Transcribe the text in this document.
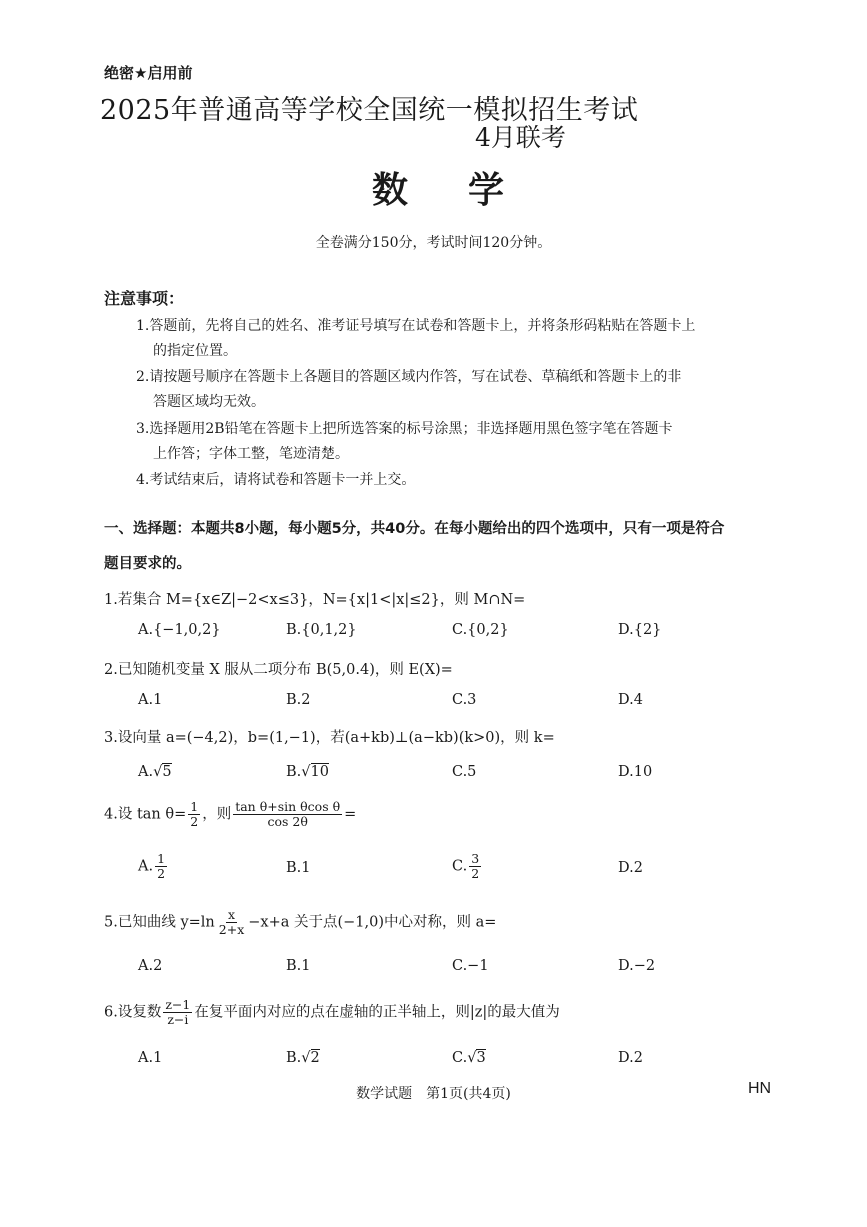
绝密★启用前
2025年普通高等学校全国统一模拟招生考试
4月联考
数学
全卷满分150分，考试时间120分钟。
注意事项：
1.答题前，先将自己的姓名、准考证号填写在试卷和答题卡上，并将条形码粘贴在答题卡上
的指定位置。
2.请按题号顺序在答题卡上各题目的答题区域内作答，写在试卷、草稿纸和答题卡上的非
答题区域均无效。
3.选择题用2B铅笔在答题卡上把所选答案的标号涂黑；非选择题用黑色签字笔在答题卡
上作答；字体工整，笔迹清楚。
4.考试结束后，请将试卷和答题卡一并上交。
一、选择题：本题共8小题，每小题5分，共40分。在每小题给出的四个选项中，只有一项是符合
题目要求的。
1.若集合 M={x∈Z|−2<x≤3}，N={x|1<|x|≤2}，则 M∩N=
A.{−1,0,2}	B.{0,1,2}	C.{0,2}	D.{2}
2.已知随机变量 X 服从二项分布 B(5,0.4)，则 E(X)=
A.1	B.2	C.3	D.4
3.设向量 a=(−4,2)，b=(1,−1)，若(a+kb)⊥(a−kb)(k>0)，则 k=
A.√5	B.√10	C.5	D.10
4.设 $\tan \theta= \frac{1}{2}$ ，则 $\frac{\text{tan θ+sin θcos θ}}{\cos 2\theta}$ =
A. $\frac{1}{2}$	B.1	C. $\frac{3}{2}$	D.2
5.已知曲线 $y=\ln \frac{x}{2+x} -x+a$ 关于点(−1,0)中心对称，则 a=
A.2	B.1	C.−1	D.−2
6.设复数 $\frac{z-1}{z-i}$ 在复平面内对应的点在虚轴的正半轴上，则|z|的最大值为
A.1	B.√2	C.√3	D.2
数学试题　第1页(共4页)	HN
